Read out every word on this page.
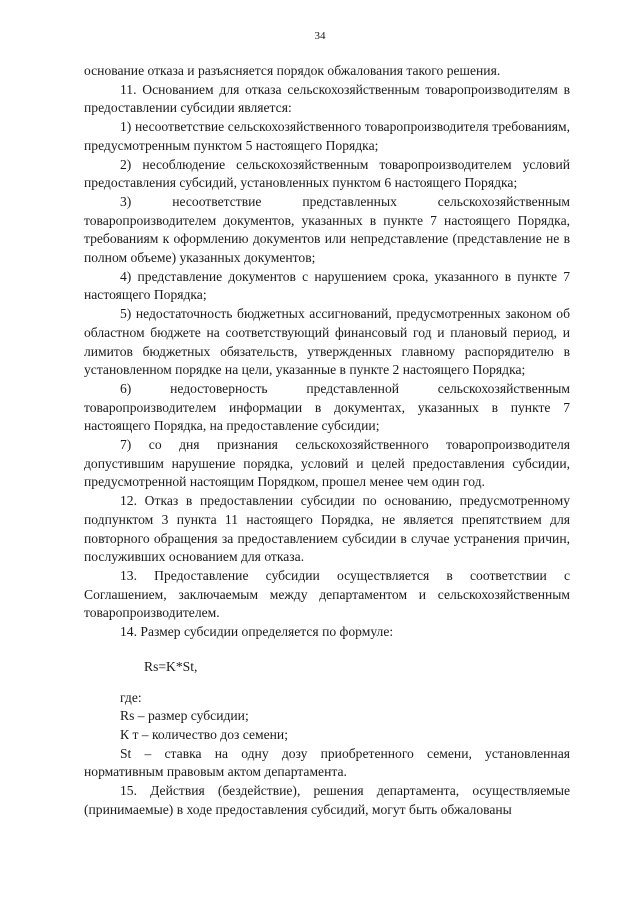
34

основание отказа и разъясняется порядок обжалования такого решения.

11. Основанием для отказа сельскохозяйственным товаропроизводителям в предоставлении субсидии является:

1) несоответствие сельскохозяйственного товаропроизводителя требованиям, предусмотренным пунктом 5 настоящего Порядка;

2) несоблюдение сельскохозяйственным товаропроизводителем условий предоставления субсидий, установленных пунктом 6 настоящего Порядка;

3) несоответствие представленных сельскохозяйственным товаропроизводителем документов, указанных в пункте 7 настоящего Порядка, требованиям к оформлению документов или непредставление (представление не в полном объеме) указанных документов;

4) представление документов с нарушением срока, указанного в пункте 7 настоящего Порядка;

5) недостаточность бюджетных ассигнований, предусмотренных законом об областном бюджете на соответствующий финансовый год и плановый период, и лимитов бюджетных обязательств, утвержденных главному распорядителю в установленном порядке на цели, указанные в пункте 2 настоящего Порядка;

6) недостоверность представленной сельскохозяйственным товаропроизводителем информации в документах, указанных в пункте 7 настоящего Порядка, на предоставление субсидии;

7) со дня признания сельскохозяйственного товаропроизводителя допустившим нарушение порядка, условий и целей предоставления субсидии, предусмотренной настоящим Порядком, прошел менее чем один год.

12. Отказ в предоставлении субсидии по основанию, предусмотренному подпунктом 3 пункта 11 настоящего Порядка, не является препятствием для повторного обращения за предоставлением субсидии в случае устранения причин, послуживших основанием для отказа.

13. Предоставление субсидии осуществляется в соответствии с Соглашением, заключаемым между департаментом и сельскохозяйственным товаропроизводителем.

14. Размер субсидии определяется по формуле:

Rs=K*St,

где:

Rs – размер субсидии;

К т – количество доз семени;

St – ставка на одну дозу приобретенного семени, установленная нормативным правовым актом департамента.

15. Действия (бездействие), решения департамента, осуществляемые (принимаемые) в ходе предоставления субсидий, могут быть обжалованы
